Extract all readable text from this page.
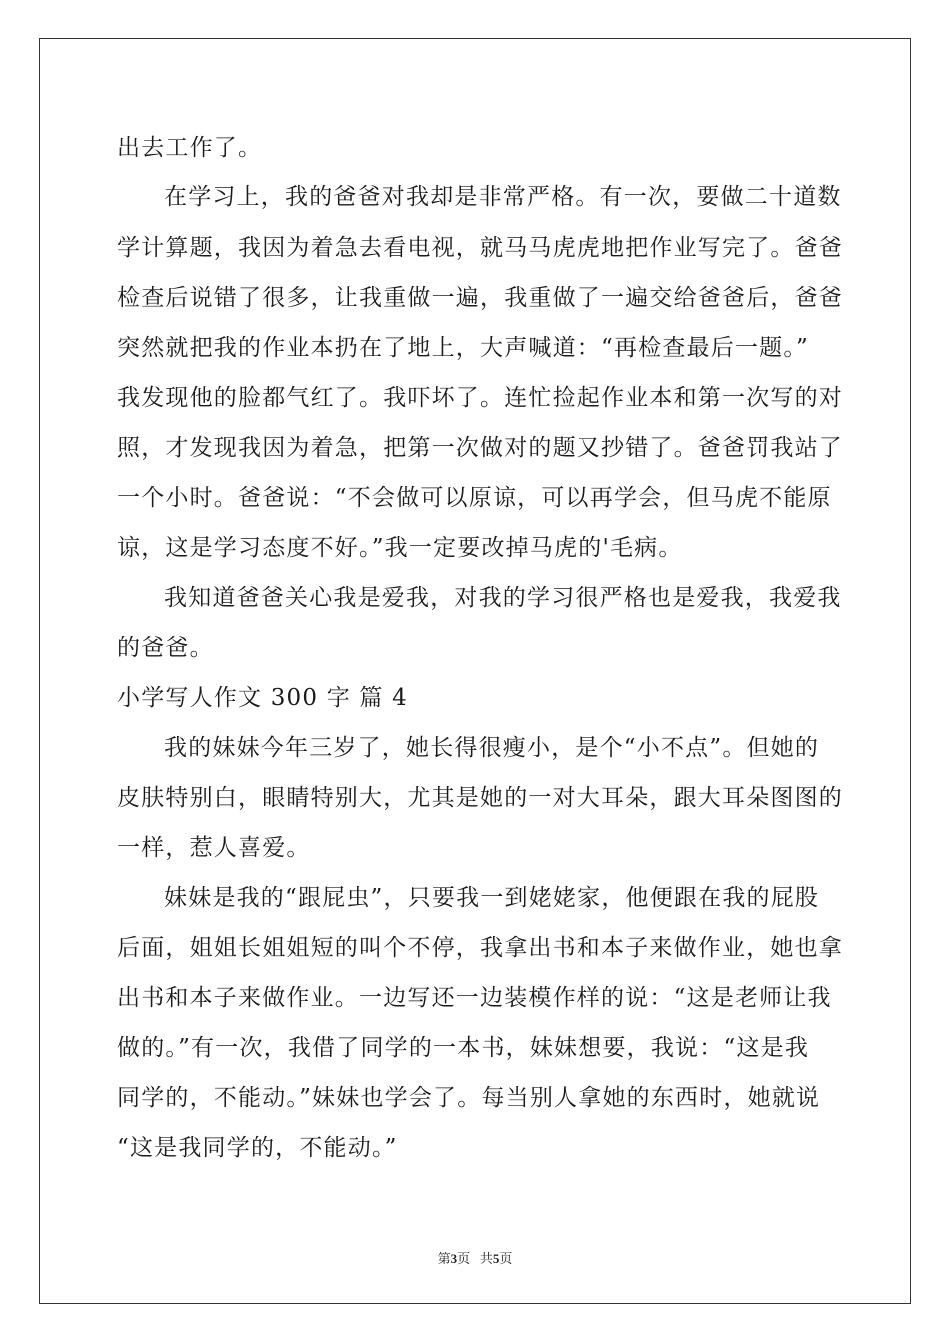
出去工作了。
在学习上，我的爸爸对我却是非常严格。有一次，要做二十道数
学计算题，我因为着急去看电视，就马马虎虎地把作业写完了。爸爸
检查后说错了很多，让我重做一遍，我重做了一遍交给爸爸后，爸爸
突然就把我的作业本扔在了地上，大声喊道：“再检查最后一题。”
我发现他的脸都气红了。我吓坏了。连忙捡起作业本和第一次写的对
照，才发现我因为着急，把第一次做对的题又抄错了。爸爸罚我站了
一个小时。爸爸说：“不会做可以原谅，可以再学会，但马虎不能原
谅，这是学习态度不好。”我一定要改掉马虎的'毛病。
我知道爸爸关心我是爱我，对我的学习很严格也是爱我，我爱我
的爸爸。
小学写人作文 300 字 篇 4
我的妹妹今年三岁了，她长得很瘦小，是个“小不点”。但她的
皮肤特别白，眼睛特别大，尤其是她的一对大耳朵，跟大耳朵图图的
一样，惹人喜爱。
妹妹是我的“跟屁虫”，只要我一到姥姥家，他便跟在我的屁股
后面，姐姐长姐姐短的叫个不停，我拿出书和本子来做作业，她也拿
出书和本子来做作业。一边写还一边装模作样的说：“这是老师让我
做的。”有一次，我借了同学的一本书，妹妹想要，我说：“这是我
同学的，不能动。”妹妹也学会了。每当别人拿她的东西时，她就说
“这是我同学的，不能动。”
第3页 共5页
